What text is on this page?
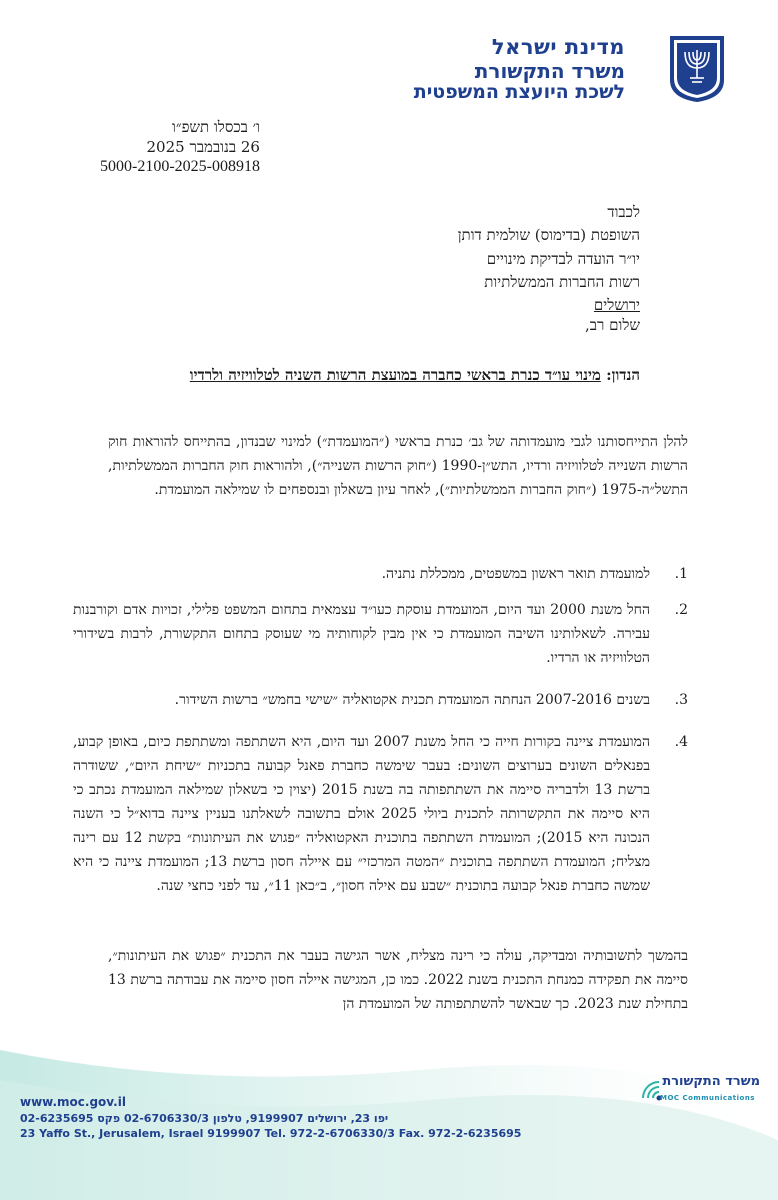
מדינת ישראל
משרד התקשורת
לשכת היועצת המשפטית
ו׳ בכסלו תשפ״ו
26 בנובמבר 2025
5000-2100-2025-008918
לכבוד
השופטת (בדימוס) שולמית דותן
יו״ר הועדה לבדיקת מינויים
רשות החברות הממשלתיות
ירושלים
שלום רב,
הנדון: מינוי עו״ד כנרת בראשי כחברה במועצת הרשות השניה לטלוויזיה ולרדיו
להלן התייחסותנו לגבי מועמדותה של גב׳ כנרת בראשי (״המועמדת״) למינוי שבנדון, בהתייחס להוראות חוק הרשות השנייה לטלוויזיה ורדיו, התש״ן-1990 (״חוק הרשות השנייה״), ולהוראות חוק החברות הממשלתיות, התשל״ה-1975 (״חוק החברות הממשלתיות״), לאחר עיון בשאלון ובנספחים לו שמילאה המועמדת.
1.
למועמדת תואר ראשון במשפטים, ממכללת נתניה.
2.
החל משנת 2000 ועד היום, המועמדת עוסקת כעו״ד עצמאית בתחום המשפט פלילי, זכויות אדם וקורבנות עבירה. לשאלותינו השיבה המועמדת כי אין מבין לקוחותיה מי שעוסק בתחום התקשורת, לרבות בשידורי הטלוויזיה או הרדיו.
3.
בשנים 2007-2016 הנחתה המועמדת תכנית אקטואליה ״שישי בחמש״ ברשות השידור.
4.
המועמדת ציינה בקורות חייה כי החל משנת 2007 ועד היום, היא השתתפה ומשתתפת כיום, באופן קבוע, בפנאלים השונים בערוצים השונים: בעבר שימשה כחברת פאנל קבועה בתכניות ״שיחת היום״, ששודרה ברשת 13 ולדבריה סיימה את השתתפותה בה בשנת 2015 (יצוין כי בשאלון שמילאה המועמדת נכתב כי היא סיימה את התקשרותה לתכנית ביולי 2025 אולם בתשובה לשאלתנו בעניין ציינה בדוא״ל כי השנה הנכונה היא 2015); המועמדת השתתפה בתוכנית האקטואליה ״פגוש את העיתונות״ בקשת 12 עם רינה מצליח; המועמדת השתתפה בתוכנית ״המטה המרכזי״ עם איילה חסון ברשת 13; המועמדת ציינה כי היא שמשה כחברת פנאל קבועה בתוכנית ״שבע עם אילה חסון״, ב״כאן 11״, עד לפני כחצי שנה.
בהמשך לתשובותיה ומבדיקה, עולה כי רינה מצליח, אשר הגישה בעבר את התכנית ״פגוש את העיתונות״, סיימה את תפקידה כמנחת התכנית בשנת 2022. כמו כן, המגישה איילה חסון סיימה את עבודתה ברשת 13 בתחילת שנת 2023. כך שבאשר להשתתפותה של המועמדת הן
www.moc.gov.il
יפו 23, ירושלים 9199907, טלפון 02-6706330/3 פקס 02-6235695
23 Yaffo St., Jerusalem, Israel 9199907 Tel. 972-2-6706330/3 Fax. 972-2-6235695
משרד התקשורת
MOC Communications
